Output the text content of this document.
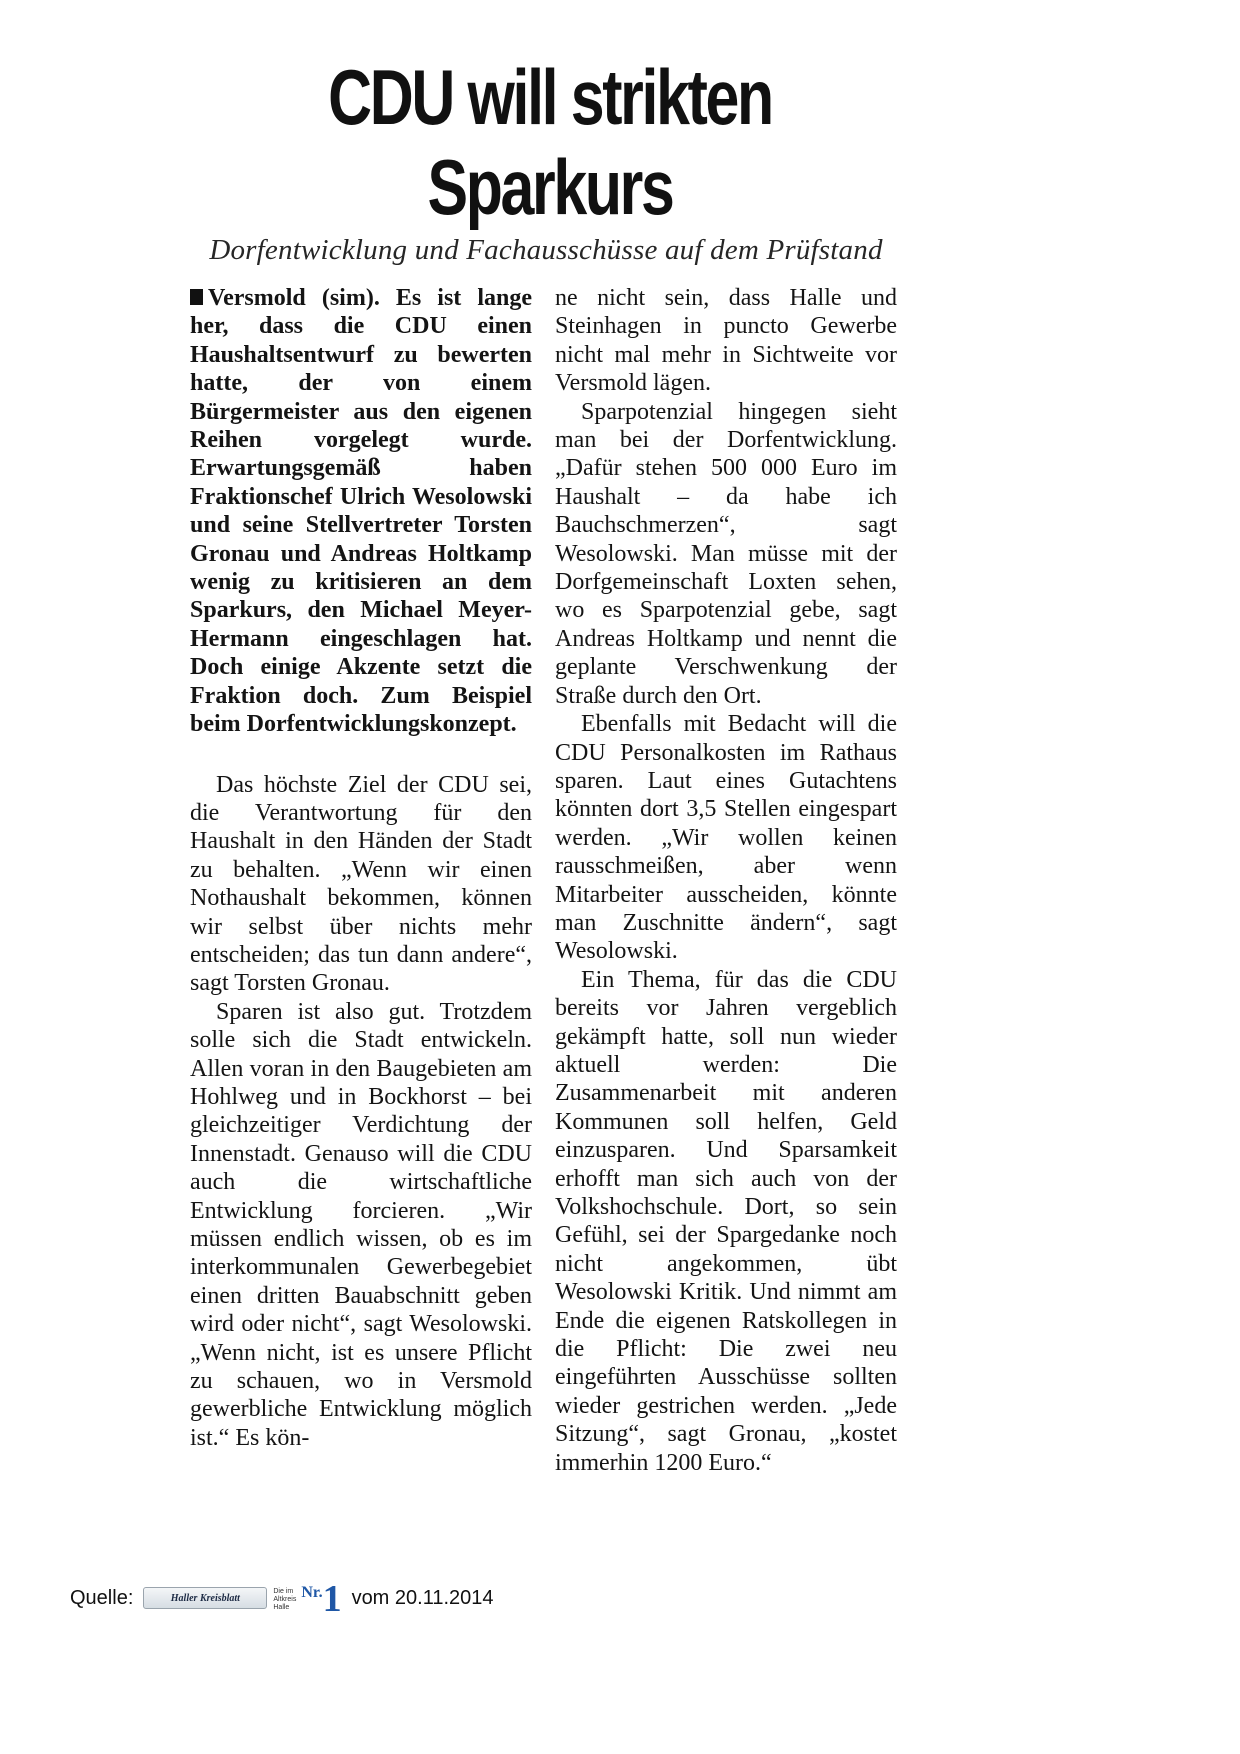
CDU will strikten
Sparkurs

Dorfentwicklung und Fachausschüsse auf dem Prüfstand

Versmold (sim). Es ist lange her, dass die CDU einen Haushaltsentwurf zu bewerten hatte, der von einem Bürgermeister aus den eigenen Reihen vorgelegt wurde. Erwartungsgemäß haben Fraktionschef Ulrich Wesolowski und seine Stellvertreter Torsten Gronau und Andreas Holtkamp wenig zu kritisieren an dem Sparkurs, den Michael Meyer-Hermann eingeschlagen hat. Doch einige Akzente setzt die Fraktion doch. Zum Beispiel beim Dorfentwicklungskonzept.

Das höchste Ziel der CDU sei, die Verantwortung für den Haushalt in den Händen der Stadt zu behalten. „Wenn wir einen Nothaushalt bekommen, können wir selbst über nichts mehr entscheiden; das tun dann andere“, sagt Torsten Gronau.

Sparen ist also gut. Trotzdem solle sich die Stadt entwickeln. Allen voran in den Baugebieten am Hohlweg und in Bockhorst – bei gleichzeitiger Verdichtung der Innenstadt. Genauso will die CDU auch die wirtschaftliche Entwicklung forcieren. „Wir müssen endlich wissen, ob es im interkommunalen Gewerbegebiet einen dritten Bauabschnitt geben wird oder nicht“, sagt Wesolowski. „Wenn nicht, ist es unsere Pflicht zu schauen, wo in Versmold gewerbliche Entwicklung möglich ist.“ Es kön-

ne nicht sein, dass Halle und Steinhagen in puncto Gewerbe nicht mal mehr in Sichtweite vor Versmold lägen.

Sparpotenzial hingegen sieht man bei der Dorfentwicklung. „Dafür stehen 500 000 Euro im Haushalt – da habe ich Bauchschmerzen“, sagt Wesolowski. Man müsse mit der Dorfgemeinschaft Loxten sehen, wo es Sparpotenzial gebe, sagt Andreas Holtkamp und nennt die geplante Verschwenkung der Straße durch den Ort.

Ebenfalls mit Bedacht will die CDU Personalkosten im Rathaus sparen. Laut eines Gutachtens könnten dort 3,5 Stellen eingespart werden. „Wir wollen keinen rausschmeißen, aber wenn Mitarbeiter ausscheiden, könnte man Zuschnitte ändern“, sagt Wesolowski.

Ein Thema, für das die CDU bereits vor Jahren vergeblich gekämpft hatte, soll nun wieder aktuell werden: Die Zusammenarbeit mit anderen Kommunen soll helfen, Geld einzusparen. Und Sparsamkeit erhofft man sich auch von der Volkshochschule. Dort, so sein Gefühl, sei der Spargedanke noch nicht angekommen, übt Wesolowski Kritik. Und nimmt am Ende die eigenen Ratskollegen in die Pflicht: Die zwei neu eingeführten Ausschüsse sollten wieder gestrichen werden. „Jede Sitzung“, sagt Gronau, „kostet immerhin 1200 Euro.“

Quelle:	Haller Kreisblatt
Die im Altkreis Halle
$^{Nr.}$1 vom 20.11.2014
